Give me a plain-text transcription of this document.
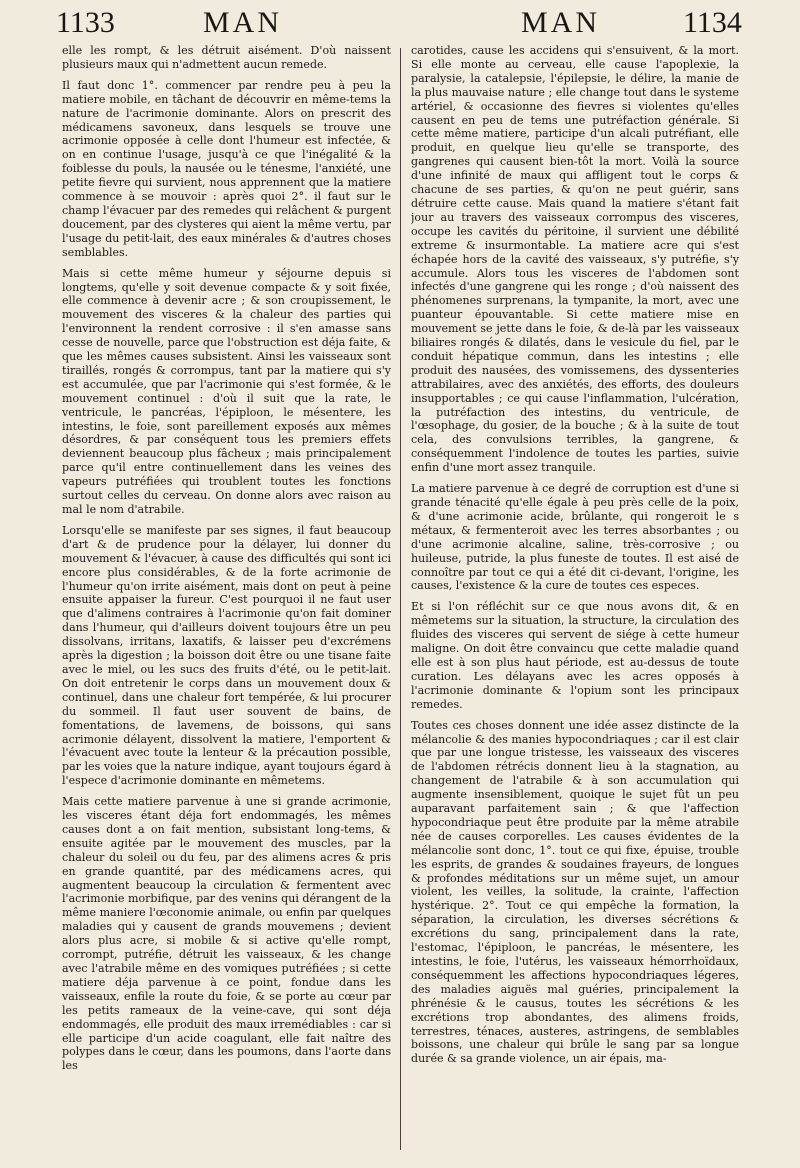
1133	MAN	MAN	1134

elle les rompt, & les détruit aisément. D'où naissent plusieurs maux qui n'admettent aucun remede.

Il faut donc 1°. commencer par rendre peu à peu la matiere mobile, en tâchant de découvrir en même-tems la nature de l'acrimonie dominante. Alors on prescrit des médicamens savoneux, dans lesquels se trouve une acrimonie opposée à celle dont l'humeur est infectée, & on en continue l'usage, jusqu'à ce que l'inégalité & la foiblesse du pouls, la nausée ou le ténesme, l'anxiété, une petite fievre qui survient, nous apprennent que la matiere commence à se mouvoir : après quoi 2°. il faut sur le champ l'évacuer par des remedes qui relâchent & purgent doucement, par des clysteres qui aient la même vertu, par l'usage du petit-lait, des eaux minérales & d'autres choses semblables.

Mais si cette même humeur y séjourne depuis si longtems, qu'elle y soit devenue compacte & y soit fixée, elle commence à devenir acre ; & son croupissement, le mouvement des visceres & la chaleur des parties qui l'environnent la rendent corrosive : il s'en amasse sans cesse de nouvelle, parce que l'obstruction est déja faite, & que les mêmes causes subsistent. Ainsi les vaisseaux sont tiraillés, rongés & corrompus, tant par la matiere qui s'y est accumulée, que par l'acrimonie qui s'est formée, & le mouvement continuel : d'où il suit que la rate, le ventricule, le pancréas, l'épiploon, le mésentere, les intestins, le foie, sont pareillement exposés aux mêmes désordres, & par conséquent tous les premiers effets deviennent beaucoup plus fâcheux ; mais principalement parce qu'il entre continuellement dans les veines des vapeurs putréfiées qui troublent toutes les fonctions surtout celles du cerveau. On donne alors avec raison au mal le nom d'atrabile.

Lorsqu'elle se manifeste par ses signes, il faut beaucoup d'art & de prudence pour la délayer, lui donner du mouvement & l'évacuer, à cause des difficultés qui sont ici encore plus considérables, & de la forte acrimonie de l'humeur qu'on irrite aisément, mais dont on peut à peine ensuite appaiser la fureur. C'est pourquoi il ne faut user que d'alimens contraires à l'acrimonie qu'on fait dominer dans l'humeur, qui d'ailleurs doivent toujours être un peu dissolvans, irritans, laxatifs, & laisser peu d'excrémens après la digestion ; la boisson doit être ou une tisane faite avec le miel, ou les sucs des fruits d'été, ou le petit-lait. On doit entretenir le corps dans un mouvement doux & continuel, dans une chaleur fort tempérée, & lui procurer du sommeil. Il faut user souvent de bains, de fomentations, de lavemens, de boissons, qui sans acrimonie délayent, dissolvent la matiere, l'emportent & l'évacuent avec toute la lenteur & la précaution possible, par les voies que la nature indique, ayant toujours égard à l'espece d'acrimonie dominante en mêmetems.

Mais cette matiere parvenue à une si grande acrimonie, les visceres étant déja fort endommagés, les mêmes causes dont a on fait mention, subsistant long-tems, & ensuite agitée par le mouvement des muscles, par la chaleur du soleil ou du feu, par des alimens acres & pris en grande quantité, par des médicamens acres, qui augmentent beaucoup la circulation & fermentent avec l'acrimonie morbifique, par des venins qui dérangent de la même maniere l'œconomie animale, ou enfin par quelques maladies qui y causent de grands mouvemens ; devient alors plus acre, si mobile & si active qu'elle rompt, corrompt, putréfie, détruit les vaisseaux, & les change avec l'atrabile même en des vomiques putréfiées ; si cette matiere déja parvenue à ce point, fondue dans les vaisseaux, enfile la route du foie, & se porte au cœur par les petits rameaux de la veine-cave, qui sont déja endommagés, elle produit des maux irremédiables : car si elle participe d'un acide coagulant, elle fait naître des polypes dans le cœur, dans les poumons, dans l'aorte dans les

carotides, cause les accidens qui s'ensuivent, & la mort. Si elle monte au cerveau, elle cause l'apoplexie, la paralysie, la catalepsie, l'épilepsie, le délire, la manie de la plus mauvaise nature ; elle change tout dans le systeme artériel, & occasionne des fievres si violentes qu'elles causent en peu de tems une putréfaction générale. Si cette même matiere, participe d'un alcali putréfiant, elle produit, en quelque lieu qu'elle se transporte, des gangrenes qui causent bien-tôt la mort. Voilà la source d'une infinité de maux qui affligent tout le corps & chacune de ses parties, & qu'on ne peut guérir, sans détruire cette cause. Mais quand la matiere s'étant fait jour au travers des vaisseaux corrompus des visceres, occupe les cavités du péritoine, il survient une débilité extreme & insurmontable. La matiere acre qui s'est échapée hors de la cavité des vaisseaux, s'y putréfie, s'y accumule. Alors tous les visceres de l'abdomen sont infectés d'une gangrene qui les ronge ; d'où naissent des phénomenes surprenans, la tympanite, la mort, avec une puanteur épouvantable. Si cette matiere mise en mouvement se jette dans le foie, & de-là par les vaisseaux biliaires rongés & dilatés, dans le vesicule du fiel, par le conduit hépatique commun, dans les intestins ; elle produit des nausées, des vomissemens, des dyssenteries attrabilaires, avec des anxiétés, des efforts, des douleurs insupportables ; ce qui cause l'inflammation, l'ulcération, la putréfaction des intestins, du ventricule, de l'œsophage, du gosier, de la bouche ; & à la suite de tout cela, des convulsions terribles, la gangrene, & conséquemment l'indolence de toutes les parties, suivie enfin d'une mort assez tranquile.

La matiere parvenue à ce degré de corruption est d'une si grande ténacité qu'elle égale à peu près celle de la poix, & d'une acrimonie acide, brûlante, qui rongeroit le s métaux, & fermenteroit avec les terres absorbantes ; ou d'une acrimonie alcaline, saline, très-corrosive ; ou huileuse, putride, la plus funeste de toutes. Il est aisé de connoître par tout ce qui a été dit ci-devant, l'origine, les causes, l'existence & la cure de toutes ces especes.

Et si l'on réfléchit sur ce que nous avons dit, & en mêmetems sur la situation, la structure, la circulation des fluides des visceres qui servent de siége à cette humeur maligne. On doit être convaincu que cette maladie quand elle est à son plus haut période, est au-dessus de toute curation. Les délayans avec les acres opposés à l'acrimonie dominante & l'opium sont les principaux remedes.

Toutes ces choses donnent une idée assez distincte de la mélancolie & des manies hypocondriaques ; car il est clair que par une longue tristesse, les vaisseaux des visceres de l'abdomen rétrécis donnent lieu à la stagnation, au changement de l'atrabile & à son accumulation qui augmente insensiblement, quoique le sujet fût un peu auparavant parfaitement sain ; & que l'affection hypocondriaque peut être produite par la même atrabile née de causes corporelles. Les causes évidentes de la mélancolie sont donc, 1°. tout ce qui fixe, épuise, trouble les esprits, de grandes & soudaines frayeurs, de longues & profondes méditations sur un même sujet, un amour violent, les veilles, la solitude, la crainte, l'affection hystérique. 2°. Tout ce qui empêche la formation, la séparation, la circulation, les diverses sécrétions & excrétions du sang, principalement dans la rate, l'estomac, l'épiploon, le pancréas, le mésentere, les intestins, le foie, l'utérus, les vaisseaux hémorrhoïdaux, conséquemment les affections hypocondriaques légeres, des maladies aiguës mal guéries, principalement la phrénésie & le causus, toutes les sécrétions & les excrétions trop abondantes, des alimens froids, terrestres, ténaces, austeres, astringens, de semblables boissons, une chaleur qui brûle le sang par sa longue durée & sa grande violence, un air épais, ma-
